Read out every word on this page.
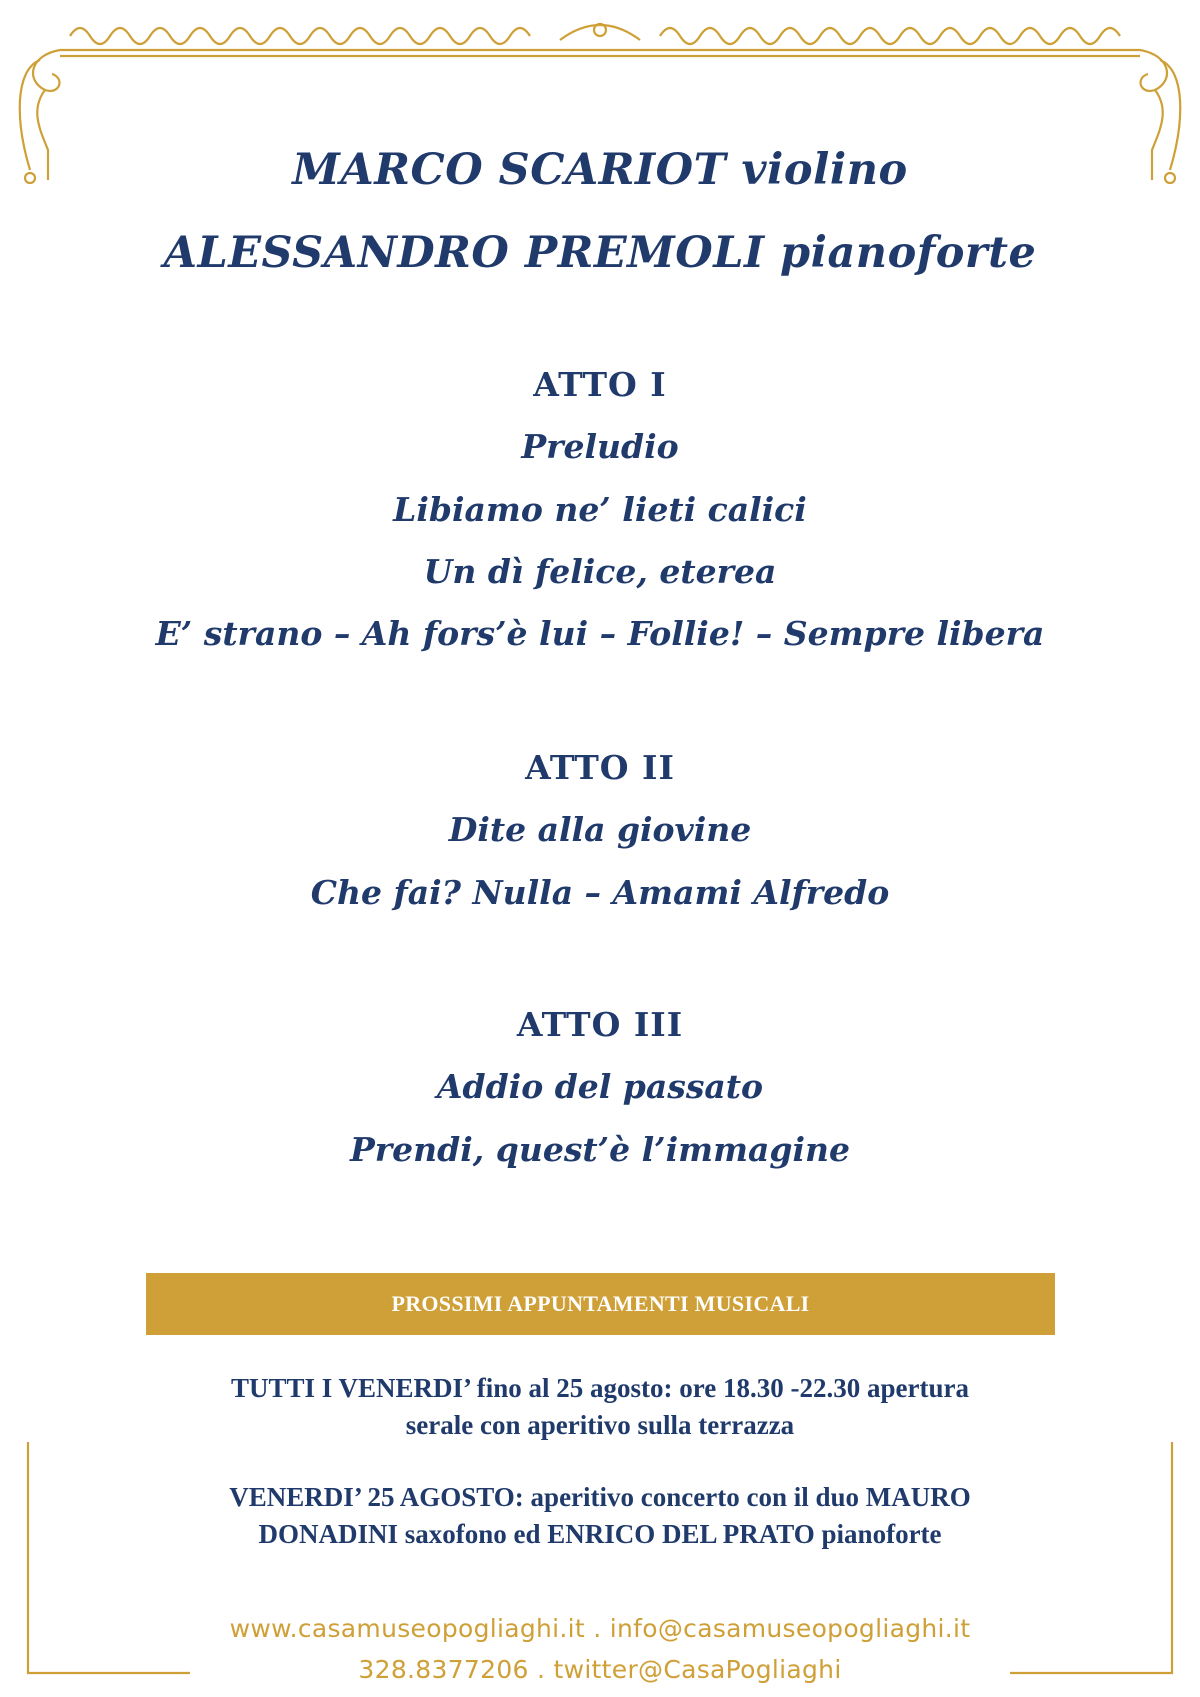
MARCO SCARIOT violino
ALESSANDRO PREMOLI pianoforte
ATTO I
Preludio
Libiamo ne’ lieti calici
Un dì felice, eterea
E’ strano – Ah fors’è lui – Follie! – Sempre libera
ATTO II
Dite alla giovine
Che fai? Nulla – Amami Alfredo
ATTO III
Addio del passato
Prendi, quest’è l’immagine
PROSSIMI APPUNTAMENTI MUSICALI
TUTTI I VENERDI’ fino al 25 agosto: ore 18.30 -22.30 apertura
serale con aperitivo sulla terrazza
VENERDI’ 25 AGOSTO: aperitivo concerto con il duo MAURO
DONADINI saxofono ed ENRICO DEL PRATO pianoforte
www.casamuseopogliaghi.it . info@casamuseopogliaghi.it
328.8377206 . twitter@CasaPogliaghi
